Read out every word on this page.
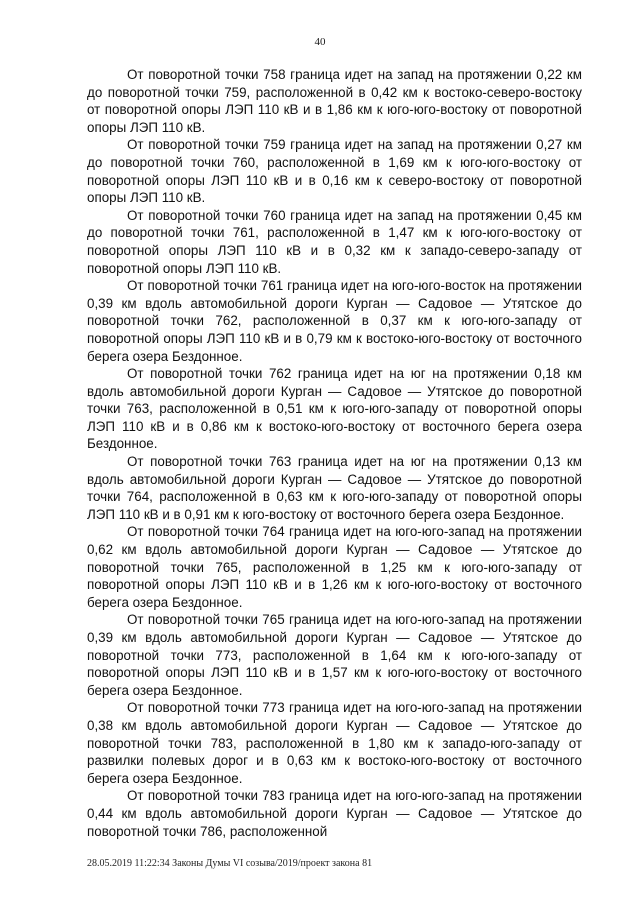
40

От поворотной точки 758 граница идет на запад на протяжении 0,22 км до поворотной точки 759, расположенной в 0,42 км к востоко-северо-востоку от поворотной опоры ЛЭП 110 кВ и в 1,86 км к юго-юго-востоку от поворотной опоры ЛЭП 110 кВ.

От поворотной точки 759 граница идет на запад на протяжении 0,27 км до поворотной точки 760, расположенной в 1,69 км к юго-юго-востоку от поворотной опоры ЛЭП 110 кВ и в 0,16 км к северо-востоку от поворотной опоры ЛЭП 110 кВ.

От поворотной точки 760 граница идет на запад на протяжении 0,45 км до поворотной точки 761, расположенной в 1,47 км к юго-юго-востоку от поворотной опоры ЛЭП 110 кВ и в 0,32 км к западо-северо-западу от поворотной опоры ЛЭП 110 кВ.

От поворотной точки 761 граница идет на юго-юго-восток на протяжении 0,39 км вдоль автомобильной дороги Курган — Садовое — Утятское до поворотной точки 762, расположенной в 0,37 км к юго-юго-западу от поворотной опоры ЛЭП 110 кВ и в 0,79 км к востоко-юго-востоку от восточного берега озера Бездонное.

От поворотной точки 762 граница идет на юг на протяжении 0,18 км вдоль автомобильной дороги Курган — Садовое — Утятское до поворотной точки 763, расположенной в 0,51 км к юго-юго-западу от поворотной опоры ЛЭП 110 кВ и в 0,86 км к востоко-юго-востоку от восточного берега озера Бездонное.

От поворотной точки 763 граница идет на юг на протяжении 0,13 км вдоль автомобильной дороги Курган — Садовое — Утятское до поворотной точки 764, расположенной в 0,63 км к юго-юго-западу от поворотной опоры ЛЭП 110 кВ и в 0,91 км к юго-востоку от восточного берега озера Бездонное.

От поворотной точки 764 граница идет на юго-юго-запад на протяжении 0,62 км вдоль автомобильной дороги Курган — Садовое — Утятское до поворотной точки 765, расположенной в 1,25 км к юго-юго-западу от поворотной опоры ЛЭП 110 кВ и в 1,26 км к юго-юго-востоку от восточного берега озера Бездонное.

От поворотной точки 765 граница идет на юго-юго-запад на протяжении 0,39 км вдоль автомобильной дороги Курган — Садовое — Утятское до поворотной точки 773, расположенной в 1,64 км к юго-юго-западу от поворотной опоры ЛЭП 110 кВ и в 1,57 км к юго-юго-востоку от восточного берега озера Бездонное.

От поворотной точки 773 граница идет на юго-юго-запад на протяжении 0,38 км вдоль автомобильной дороги Курган — Садовое — Утятское до поворотной точки 783, расположенной в 1,80 км к западо-юго-западу от развилки полевых дорог и в 0,63 км к востоко-юго-востоку от восточного берега озера Бездонное.

От поворотной точки 783 граница идет на юго-юго-запад на протяжении 0,44 км вдоль автомобильной дороги Курган — Садовое — Утятское до поворотной точки 786, расположенной

28.05.2019 11:22:34 Законы Думы VI созыва/2019/проект закона 81
